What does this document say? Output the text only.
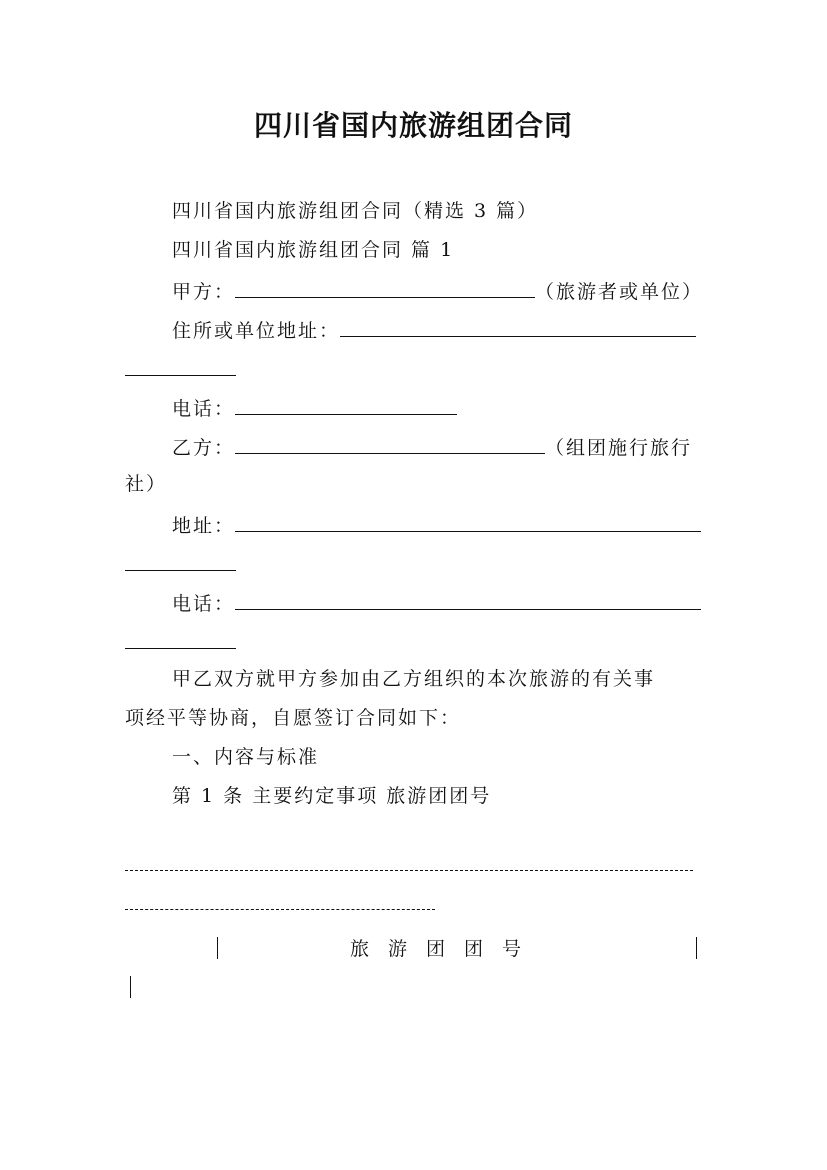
四川省国内旅游组团合同
四川省国内旅游组团合同（精选 3 篇）
四川省国内旅游组团合同 篇 1
甲方：	（旅游者或单位）
住所或单位地址：
电话：
乙方：	（组团施行旅行
社）
地址：
电话：
甲乙双方就甲方参加由乙方组织的本次旅游的有关事
项经平等协商，自愿签订合同如下：
一、内容与标准
第 1 条 主要约定事项 旅游团团号
旅游团团号
